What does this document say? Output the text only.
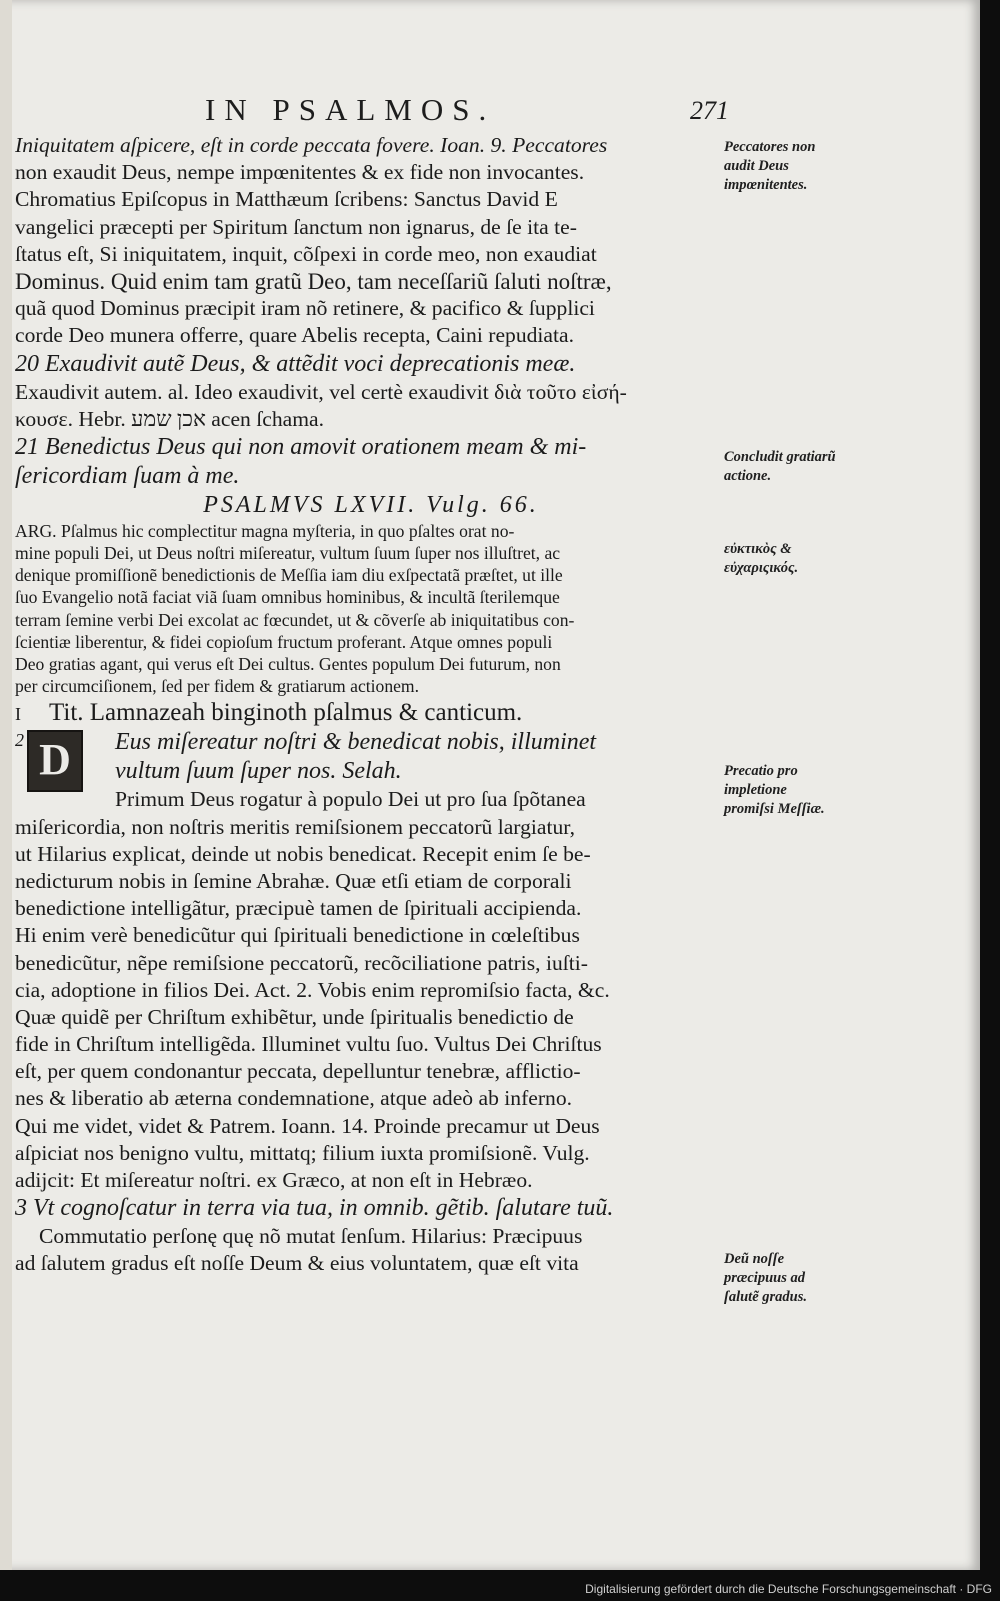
IN PSALMOS.	271
Iniquitatem aſpicere, eſt in corde peccata fovere. Ioan. 9. Peccatores
non exaudit Deus, nempe impœnitentes & ex fide non invocantes.
Chromatius Epiſcopus in Matthæum ſcribens: Sanctus David E
vangelici præcepti per Spiritum ſanctum non ignarus, de ſe ita te-
ſtatus eſt, Si iniquitatem, inquit, cõſpexi in corde meo, non exaudiat
Dominus. Quid enim tam gratũ Deo, tam neceſſariũ ſaluti noſtræ,
quã quod Dominus præcipit iram nõ retinere, & pacifico & ſupplici
corde Deo munera offerre, quare Abelis recepta, Caini repudiata.
20 Exaudivit autẽ Deus, & attẽdit voci deprecationis meæ.
Exaudivit autem. al. Ideo exaudivit, vel certè exaudivit διὰ τοῦτο εἰσή-
κουσε. Hebr. אכן שמע acen ſchama.
21 Benedictus Deus qui non amovit orationem meam & mi-
ſericordiam ſuam à me.
PSALMVS LXVII. Vulg. 66.
ARG. Pſalmus hic complectitur magna myſteria, in quo pſaltes orat no-
mine populi Dei, ut Deus noſtri miſereatur, vultum ſuum ſuper nos illuſtret, ac
denique promiſſionẽ benedictionis de Meſſia iam diu exſpectatã præſtet, ut ille
ſuo Evangelio notã faciat viã ſuam omnibus hominibus, & incultã ſterilemque
terram ſemine verbi Dei excolat ac fœcundet, ut & cõverſe ab iniquitatibus con-
ſcientiæ liberentur, & fidei copioſum fructum proferant. Atque omnes populi
Deo gratias agant, qui verus eſt Dei cultus. Gentes populum Dei futurum, non
per circumciſionem, ſed per fidem & gratiarum actionem.
I Tit. Lamnazeah binginoth pſalmus & canticum.
D
2	Eus miſereatur noſtri & benedicat nobis, illuminet
vultum ſuum ſuper nos. Selah.
Primum Deus rogatur à populo Dei ut pro ſua ſpõtanea
miſericordia, non noſtris meritis remiſsionem peccatorũ largiatur,
ut Hilarius explicat, deinde ut nobis benedicat. Recepit enim ſe be-
nedicturum nobis in ſemine Abrahæ. Quæ etſi etiam de corporali
benedictione intelligãtur, præcipuè tamen de ſpirituali accipienda.
Hi enim verè benedicũtur qui ſpirituali benedictione in cœleſtibus
benedicũtur, nẽpe remiſsione peccatorũ, recõciliatione patris, iuſti-
cia, adoptione in filios Dei. Act. 2. Vobis enim repromiſsio facta, &c.
Quæ quidẽ per Chriſtum exhibẽtur, unde ſpiritualis benedictio de
fide in Chriſtum intelligẽda. Illuminet vultu ſuo. Vultus Dei Chriſtus
eſt, per quem condonantur peccata, depelluntur tenebræ, afflictio-
nes & liberatio ab æterna condemnatione, atque adeò ab inferno.
Qui me videt, videt & Patrem. Ioann. 14. Proinde precamur ut Deus
aſpiciat nos benigno vultu, mittatq; filium iuxta promiſsionẽ. Vulg.
adijcit: Et miſereatur noſtri. ex Græco, at non eſt in Hebræo.
3 Vt cognoſcatur in terra via tua, in omnib. gẽtib. ſalutare tuũ.
Commutatio perſonę quę nõ mutat ſenſum. Hilarius: Præcipuus
ad ſalutem gradus eſt noſſe Deum & eius voluntatem, quæ eſt vita
Peccatores non audit Deus impœnitentes.
Concludit gratiarũ actione.
εὐκτικὸς & εὐχαριςικός.
Precatio pro impletione promiſsi Meſſiæ.
Deũ noſſe præcipuus ad ſalutẽ gradus.
Digitalisierung gefördert durch die Deutsche Forschungsgemeinschaft · DFG
